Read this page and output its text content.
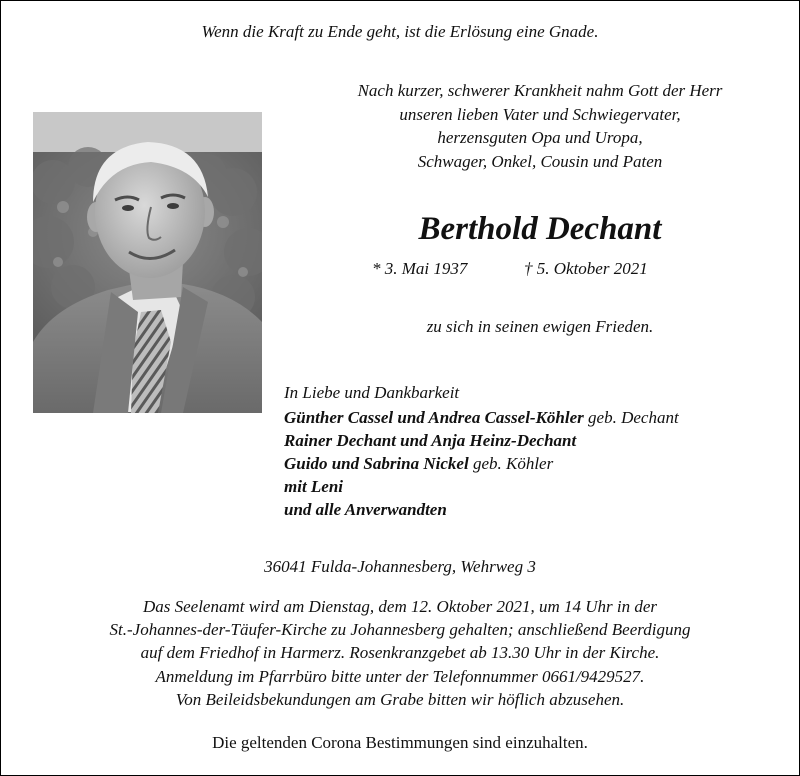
Wenn die Kraft zu Ende geht, ist die Erlösung eine Gnade.
Nach kurzer, schwerer Krankheit nahm Gott der Herr
unseren lieben Vater und Schwiegervater,
herzensguten Opa und Uropa,
Schwager, Onkel, Cousin und Paten
Berthold Dechant
* 3. Mai 1937	† 5. Oktober 2021
zu sich in seinen ewigen Frieden.
In Liebe und Dankbarkeit
Günther Cassel und Andrea Cassel-Köhler geb. Dechant
Rainer Dechant und Anja Heinz-Dechant
Guido und Sabrina Nickel geb. Köhler
mit Leni
und alle Anverwandten
36041 Fulda-Johannesberg, Wehrweg 3
Das Seelenamt wird am Dienstag, dem 12. Oktober 2021, um 14 Uhr in der
St.-Johannes-der-Täufer-Kirche zu Johannesberg gehalten; anschließend Beerdigung
auf dem Friedhof in Harmerz. Rosenkranzgebet ab 13.30 Uhr in der Kirche.
Anmeldung im Pfarrbüro bitte unter der Telefonnummer 0661/9429527.
Von Beileidsbekundungen am Grabe bitten wir höflich abzusehen.
Die geltenden Corona Bestimmungen sind einzuhalten.
